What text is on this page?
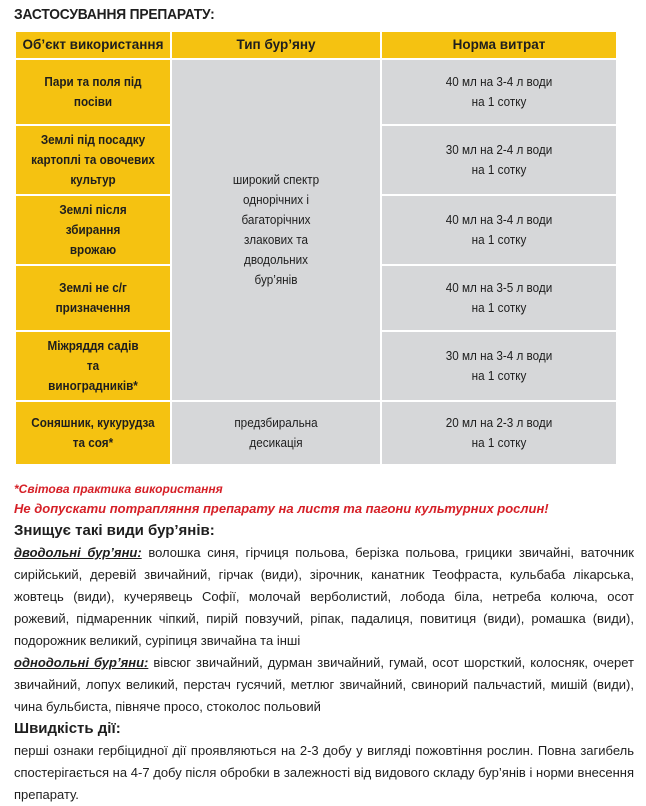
ЗАСТОСУВАННЯ ПРЕПАРАТУ:
Об’єкт використання	Тип бур’яну	Норма витрат
Пари та поля під посіви	широкий спектр однорічних і багаторічних злакових та дводольних бур’янів	40 мл на 3-4 л води на 1 сотку
Землі під посадку картоплі та овочевих культур		30 мл на 2-4 л води на 1 сотку
Землі після збирання врожаю		40 мл на 3-4 л води на 1 сотку
Землі не с/г призначення		40 мл на 3-5 л води на 1 сотку
Міжряддя садів та виноградників*		30 мл на 3-4 л води на 1 сотку
Соняшник, кукурудза та соя*	предзбиральна десикація	20 мл на 2-3 л води на 1 сотку
*Світова практика використання
Не допускати потрапляння препарату на листя та пагони культурних рослин!
Знищує такі види бур’янів:
дводольні бур’яни: волошка синя, гірчиця польова, берізка польова, грицики звичайні, ваточник сирійський, деревій звичайний, гірчак (види), зірочник, канатник Теофраста, кульбаба лікарська, жовтець (види), кучерявець Софії, молочай верболистий, лобода біла, нетреба колюча, осот рожевий, підмаренник чіпкий, пирій повзучий, ріпак, падалиця, повитиця (види), ромашка (види), подорожник великий, суріпиця звичайна та інші
однодольні бур’яни: вівсюг звичайний, дурман звичайний, гумай, осот шорсткий, колосняк, очерет звичайний, лопух великий, перстач гусячий, метлюг звичайний, свинорий пальчастий, мишій (види), чина бульбиста, півняче просо, стоколос польовий
Швидкість дії:
перші ознаки гербіцидної дії проявляються на 2-3 добу у вигляді пожовтіння рослин. Повна загибель спостерігається на 4-7 добу після обробки в залежності від видового складу бур’янів і норми внесення препарату.
